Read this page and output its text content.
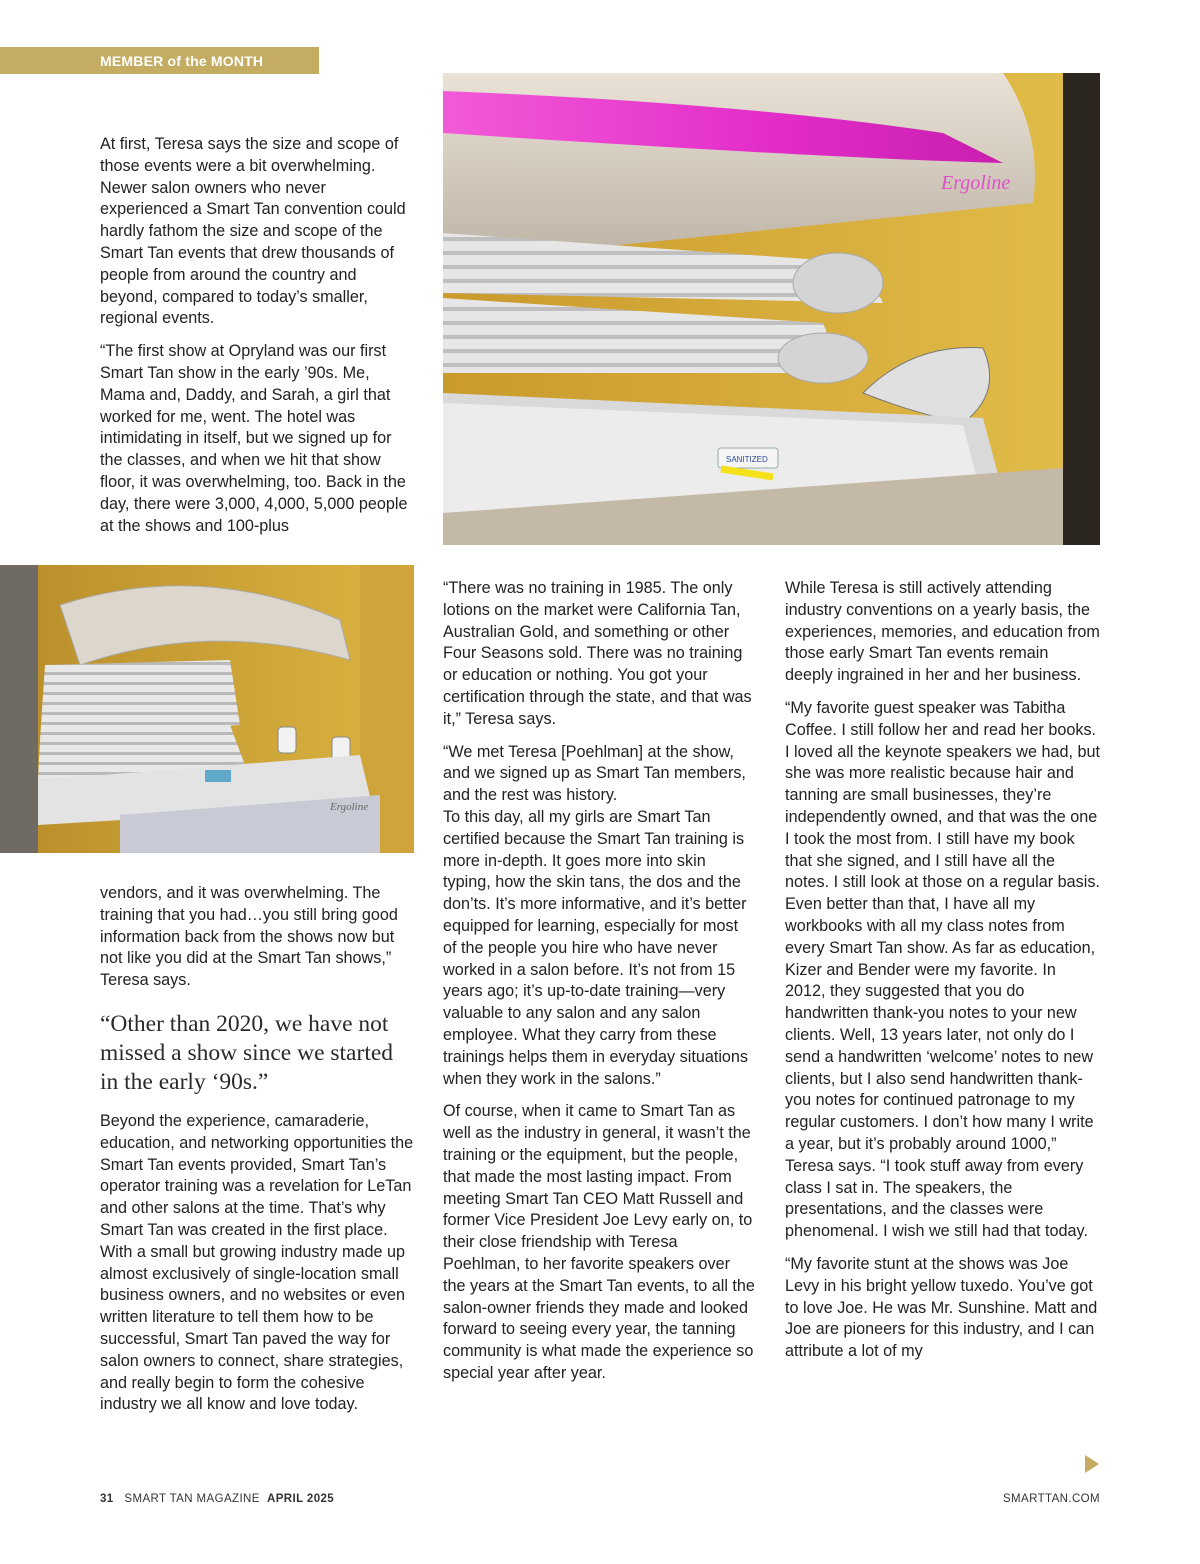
MEMBER of the MONTH
Ergoline
SANITIZED
Ergoline

At first, Teresa says the size and scope of those events were a bit overwhelming. Newer salon owners who never experienced a Smart Tan convention could hardly fathom the size and scope of the Smart Tan events that drew thousands of people from around the country and beyond, compared to today’s smaller, regional events.

“The first show at Opryland was our first Smart Tan show in the early ’90s. Me, Mama and, Daddy, and Sarah, a girl that worked for me, went. The hotel was intimidating in itself, but we signed up for the classes, and when we hit that show floor, it was overwhelming, too. Back in the day, there were 3,000, 4,000, 5,000 people at the shows and 100-plus

vendors, and it was overwhelming. The training that you had…you still bring good information back from the shows now but not like you did at the Smart Tan shows,” Teresa says.

“Other than 2020, we have not missed a show since we started in the early ‘90s.”

Beyond the experience, camaraderie, education, and networking opportunities the Smart Tan events provided, Smart Tan’s operator training was a revelation for LeTan and other salons at the time. That’s why Smart Tan was created in the first place. With a small but growing industry made up almost exclusively of single-location small business owners, and no websites or even written literature to tell them how to be successful, Smart Tan paved the way for salon owners to connect, share strategies, and really begin to form the cohesive industry we all know and love today.

“There was no training in 1985. The only lotions on the market were California Tan, Australian Gold, and something or other Four Seasons sold. There was no training or education or nothing. You got your certification through the state, and that was it,” Teresa says.

“We met Teresa [Poehlman] at the show, and we signed up as Smart Tan members, and the rest was history.

To this day, all my girls are Smart Tan certified because the Smart Tan training is more in-depth. It goes more into skin typing, how the skin tans, the dos and the don’ts. It’s more informative, and it’s better equipped for learning, especially for most of the people you hire who have never worked in a salon before. It’s not from 15 years ago; it’s up-to-date training—very valuable to any salon and any salon employee. What they carry from these trainings helps them in everyday situations when they work in the salons.”

Of course, when it came to Smart Tan as well as the industry in general, it wasn’t the training or the equipment, but the people, that made the most lasting impact. From meeting Smart Tan CEO Matt Russell and former Vice President Joe Levy early on, to their close friendship with Teresa Poehlman, to her favorite speakers over the years at the Smart Tan events, to all the salon-owner friends they made and looked forward to seeing every year, the tanning community is what made the experience so special year after year.

While Teresa is still actively attending industry conventions on a yearly basis, the experiences, memories, and education from those early Smart Tan events remain deeply ingrained in her and her business.

“My favorite guest speaker was Tabitha Coffee. I still follow her and read her books. I loved all the keynote speakers we had, but she was more realistic because hair and tanning are small businesses, they’re independently owned, and that was the one I took the most from. I still have my book that she signed, and I still have all the notes. I still look at those on a regular basis. Even better than that, I have all my workbooks with all my class notes from every Smart Tan show. As far as education, Kizer and Bender were my favorite. In 2012, they suggested that you do handwritten thank-you notes to your new clients. Well, 13 years later, not only do I send a handwritten ‘welcome’ notes to new clients, but I also send handwritten thank-you notes for continued patronage to my regular customers. I don’t how many I write a year, but it’s probably around 1000,” Teresa says. “I took stuff away from every class I sat in. The speakers, the presentations, and the classes were phenomenal. I wish we still had that today.

“My favorite stunt at the shows was Joe Levy in his bright yellow tuxedo. You’ve got to love Joe. He was Mr. Sunshine. Matt and Joe are pioneers for this industry, and I can attribute a lot of my

31 SMART TAN MAGAZINE APRIL 2025	SMARTTAN.COM
